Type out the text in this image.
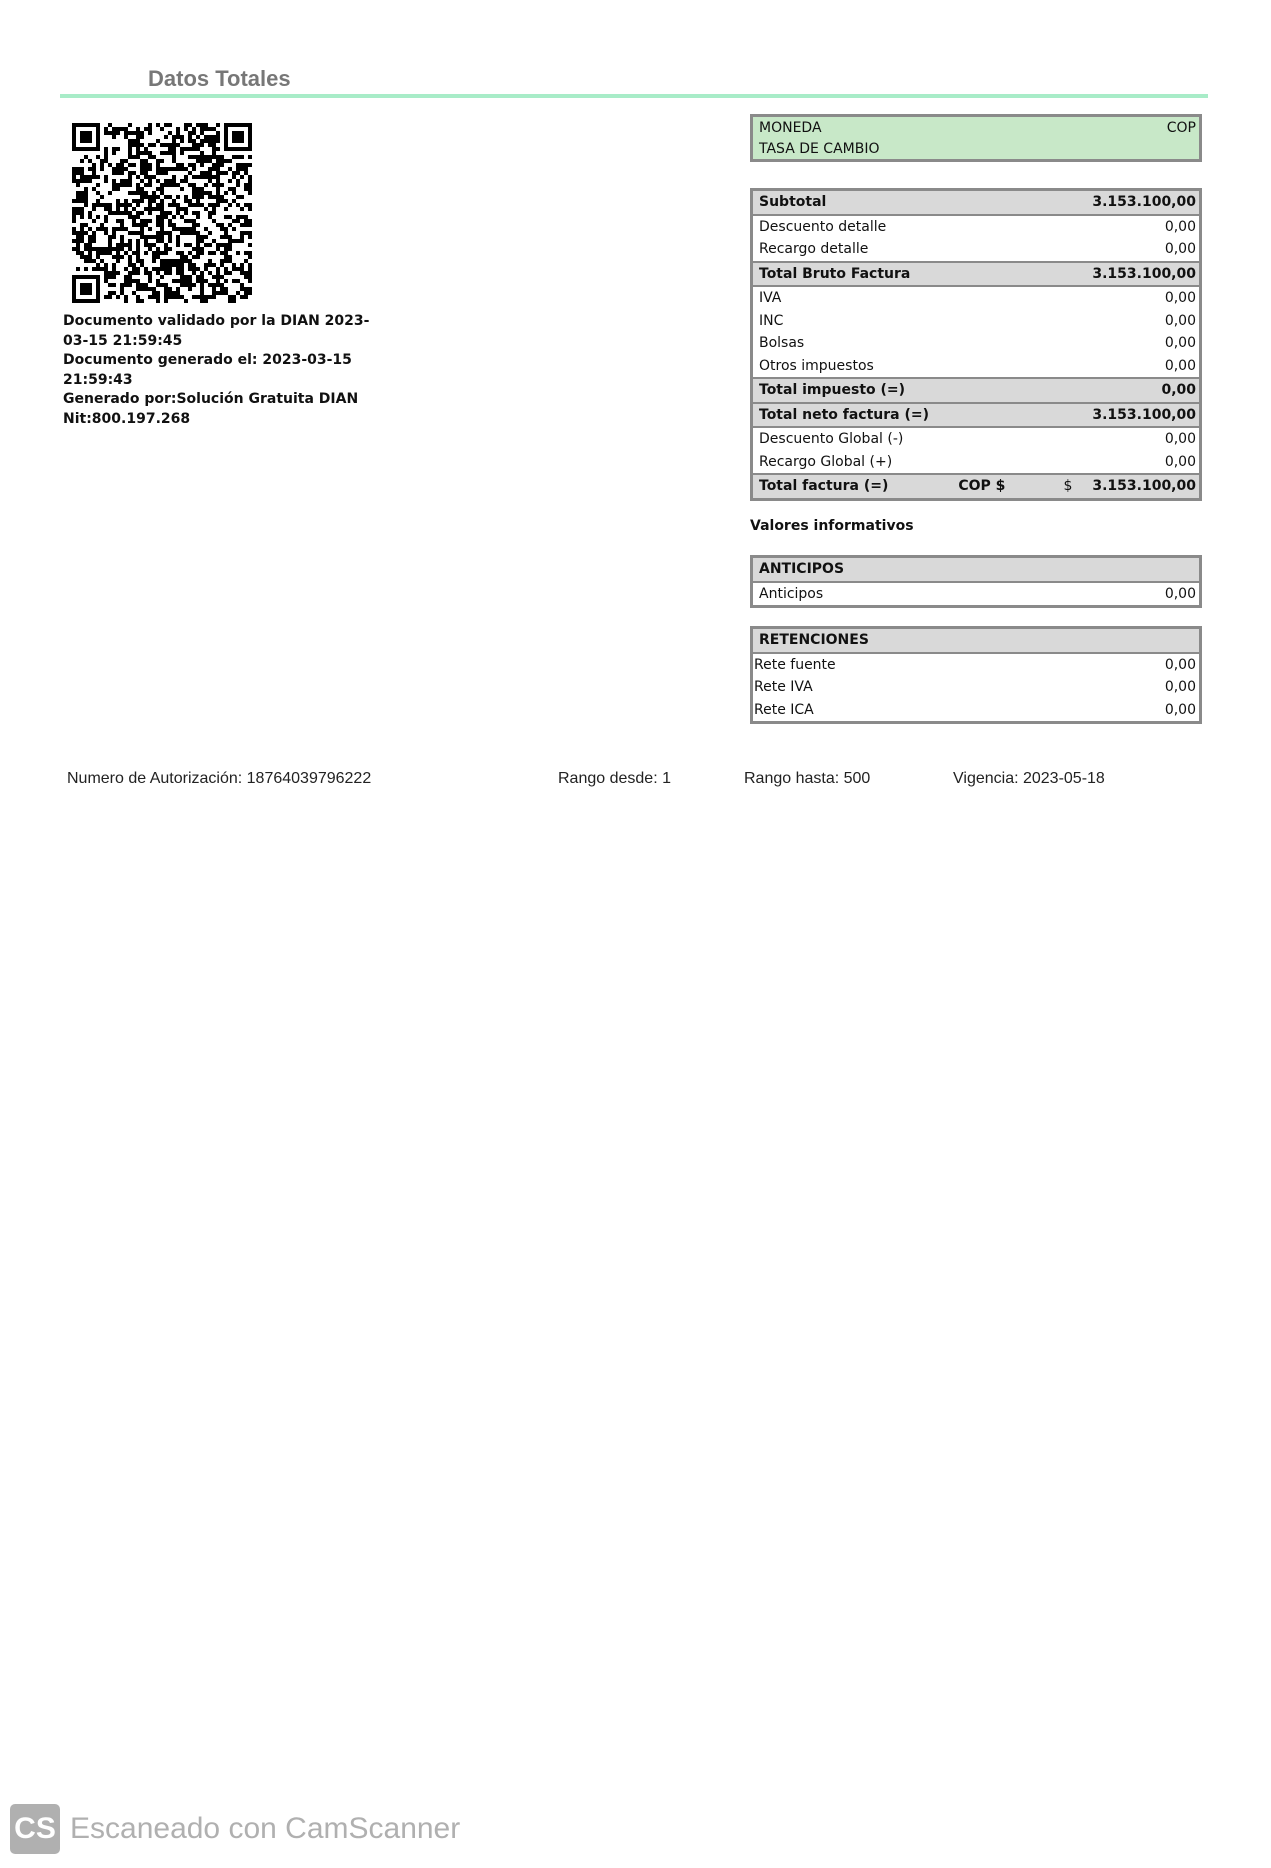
Datos Totales
Documento validado por la DIAN 2023-03-15 21:59:45
Documento generado el: 2023-03-15 21:59:43
Generado por:Solución Gratuita DIAN Nit:800.197.268
MONEDA	COP
TASA DE CAMBIO
Subtotal	3.153.100,00
Descuento detalle	0,00
Recargo detalle	0,00
Total Bruto Factura	3.153.100,00
IVA	0,00
INC	0,00
Bolsas	0,00
Otros impuestos	0,00
Total impuesto (=)	0,00
Total neto factura (=)	3.153.100,00
Descuento Global (-)	0,00
Recargo Global (+)	0,00
Total factura (=)	COP $	$ 3.153.100,00
Valores informativos
ANTICIPOS
Anticipos	0,00
RETENCIONES
Rete fuente	0,00
Rete IVA	0,00
Rete ICA	0,00
Numero de Autorización: 18764039796222	Rango desde: 1	Rango hasta: 500	Vigencia: 2023-05-18
CS Escaneado con CamScanner
